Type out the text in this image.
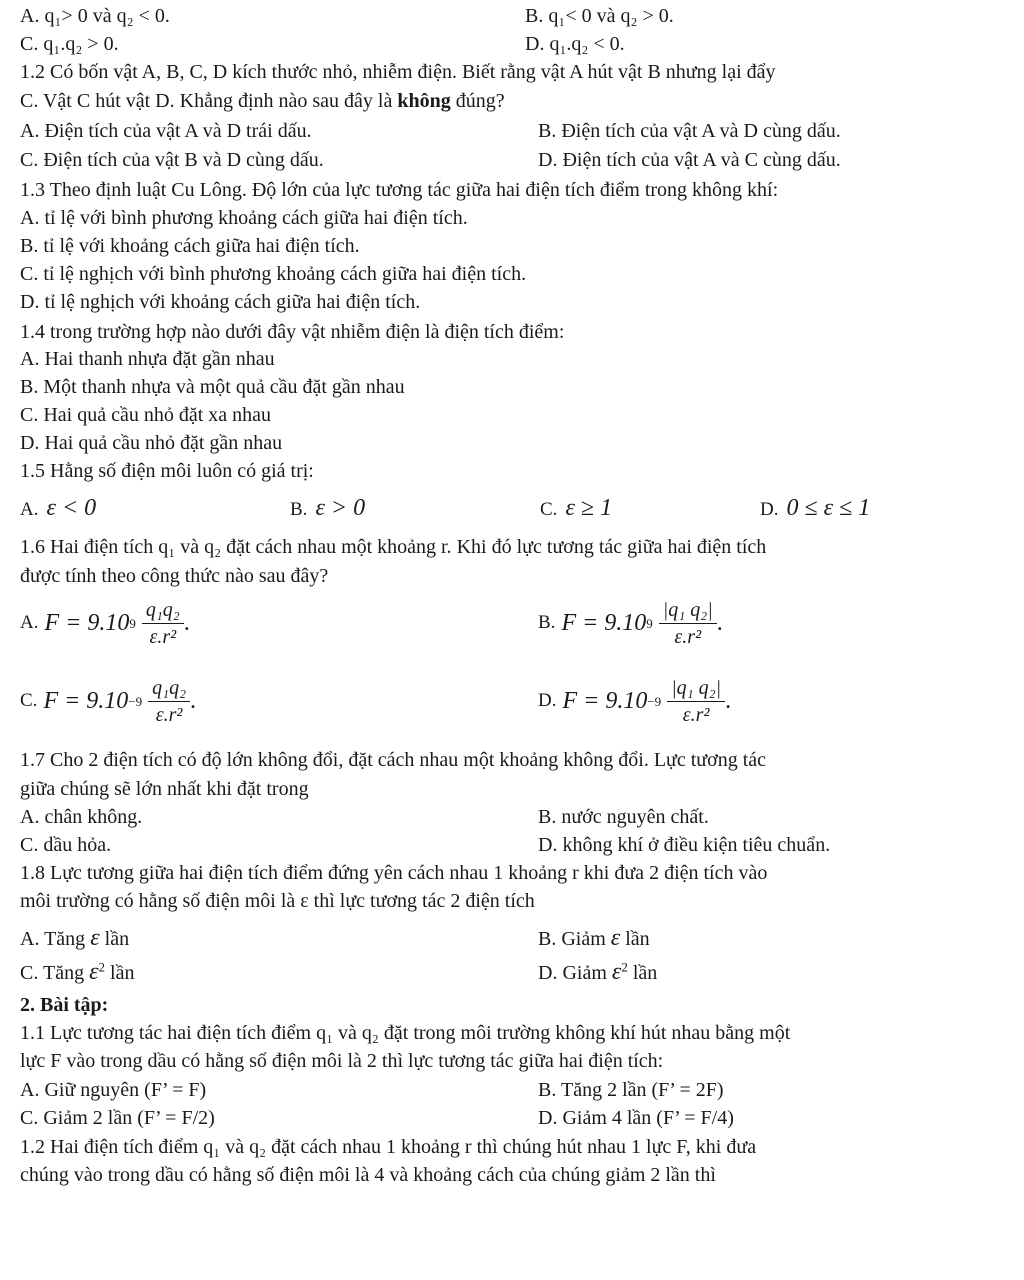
A. q₁> 0 và q₂ < 0.	B. q₁< 0 và q₂ > 0.
C. q₁.q₂ > 0.	D. q₁.q₂ < 0.
1.2 Có bốn vật A, B, C, D kích thước nhỏ, nhiễm điện. Biết rằng vật A hút vật B nhưng lại đẩy
C. Vật C hút vật D. Khẳng định nào sau đây là không đúng?
A. Điện tích của vật A và D trái dấu.	B. Điện tích của vật A và D cùng dấu.
C. Điện tích của vật B và D cùng dấu.	D. Điện tích của vật A và C cùng dấu.
1.3 Theo định luật Cu Lông. Độ lớn của lực tương tác giữa hai điện tích điểm trong không khí:
A. tỉ lệ với bình phương khoảng cách giữa hai điện tích.
B. tỉ lệ với khoảng cách giữa hai điện tích.
C. tỉ lệ nghịch với bình phương khoảng cách giữa hai điện tích.
D. tỉ lệ nghịch với khoảng cách giữa hai điện tích.
1.4 trong trường hợp nào dưới đây vật nhiễm điện là điện tích điểm:
A. Hai thanh nhựa đặt gần nhau
B. Một thanh nhựa và một quả cầu đặt gần nhau
C. Hai quả cầu nhỏ đặt xa nhau
D. Hai quả cầu nhỏ đặt gần nhau
1.5 Hằng số điện môi luôn có giá trị:
A. ε < 0	B. ε > 0	C. ε ≥ 1	D. 0 ≤ ε ≤ 1
1.6 Hai điện tích q₁ và q₂ đặt cách nhau một khoảng r. Khi đó lực tương tác giữa hai điện tích
được tính theo công thức nào sau đây?
A. F = 9.10 $9 \frac{\text{q₁q₂}}{\text{ε.r²}}$ .	B. F = 9.10 $9 \frac{\text{|q₁ q₂|}}{\text{ε.r²}}$ .
C. $F = 9.10 -9 \frac{\text{q₁q₂}}{\text{ε.r²}}$ .	D. $F = 9.10 -9 \frac{\text{|q₁ q₂|}}{\text{ε.r²}}$ .
1.7 Cho 2 điện tích có độ lớn không đổi, đặt cách nhau một khoảng không đổi. Lực tương tác
giữa chúng sẽ lớn nhất khi đặt trong
A. chân không.	B. nước nguyên chất.
C. dầu hỏa.	D. không khí ở điều kiện tiêu chuẩn.
1.8 Lực tương giữa hai điện tích điểm đứng yên cách nhau 1 khoảng r khi đưa 2 điện tích vào
môi trường có hằng số điện môi là ε thì lực tương tác 2 điện tích
A. Tăng ε lần	B. Giảm ε lần
C. Tăng $\varepsilon^2$ lần	D. Giảm $\varepsilon^2$ lần
2. Bài tập:
1.1 Lực tương tác hai điện tích điểm q₁ và q₂ đặt trong môi trường không khí hút nhau bằng một
lực F vào trong dầu có hằng số điện môi là 2 thì lực tương tác giữa hai điện tích:
A. Giữ nguyên (F’ = F)	B. Tăng 2 lần (F’ = 2F)
C. Giảm 2 lần (F’ = F/2)	D. Giảm 4 lần (F’ = F/4)
1.2 Hai điện tích điểm q₁ và q₂ đặt cách nhau 1 khoảng r thì chúng hút nhau 1 lực F, khi đưa
chúng vào trong dầu có hằng số điện môi là 4 và khoảng cách của chúng giảm 2 lần thì
